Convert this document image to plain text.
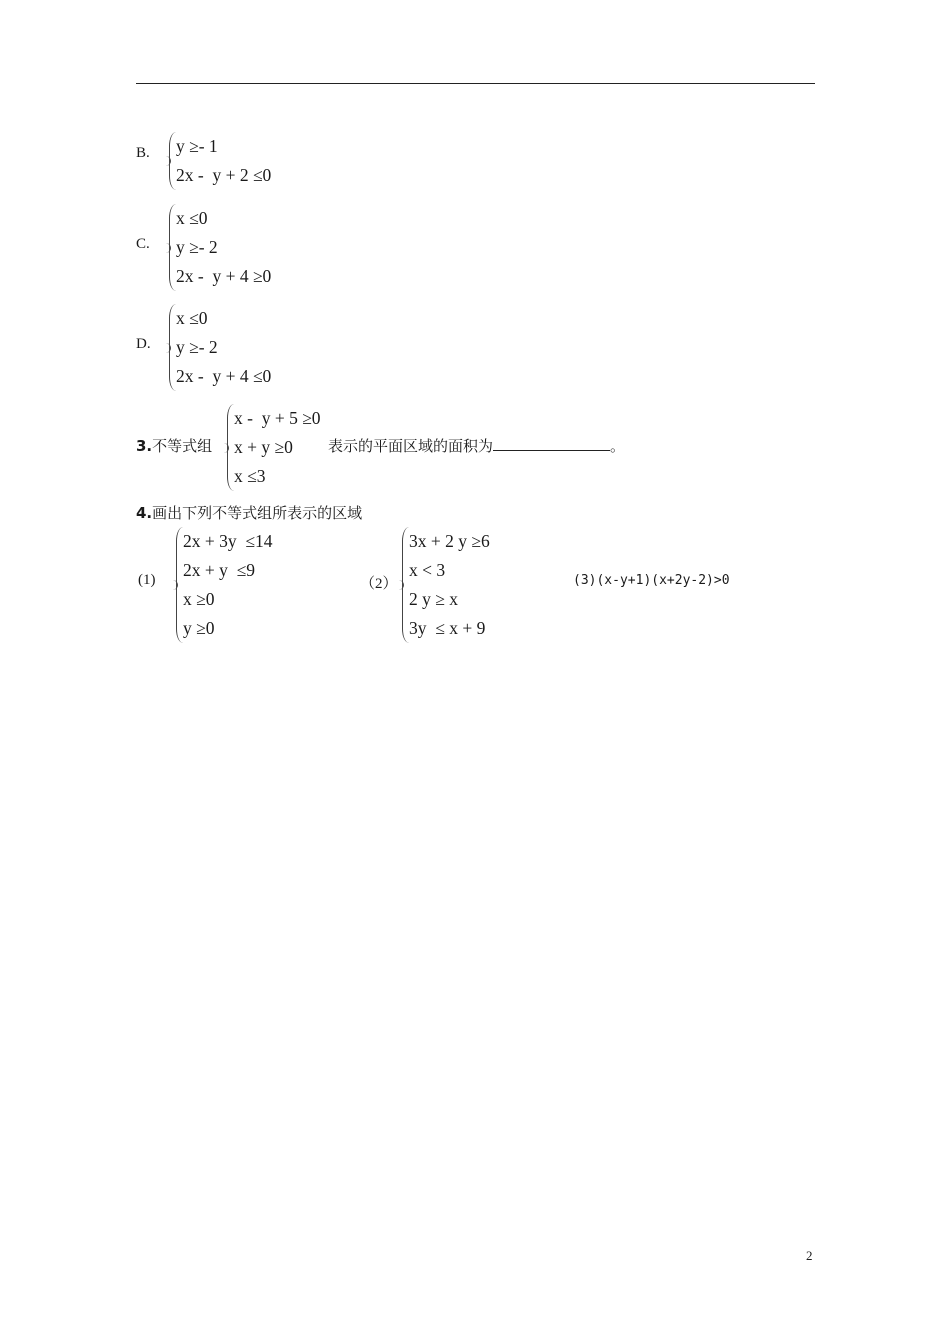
B. y ≥- 1
2x -  y + 2 ≤0
C.
x ≤0
y ≥- 2
2x -  y + 4 ≥0
D.
x ≤0
y ≥- 2
2x -  y + 4 ≤0
3.不等式组
x -  y + 5 ≥0
x + y ≥0
x ≤3
表示的平面区域的面积为	。
4.画出下列不等式组所表示的区域
(1)
2x + 3y  ≤14
2x + y  ≤9
x ≥0
y ≥0
（2）
3x + 2 y ≥6
x < 3
2 y ≥ x
3y  ≤ x + 9
(3)(x-y+1)(x+2y-2)>0
2
